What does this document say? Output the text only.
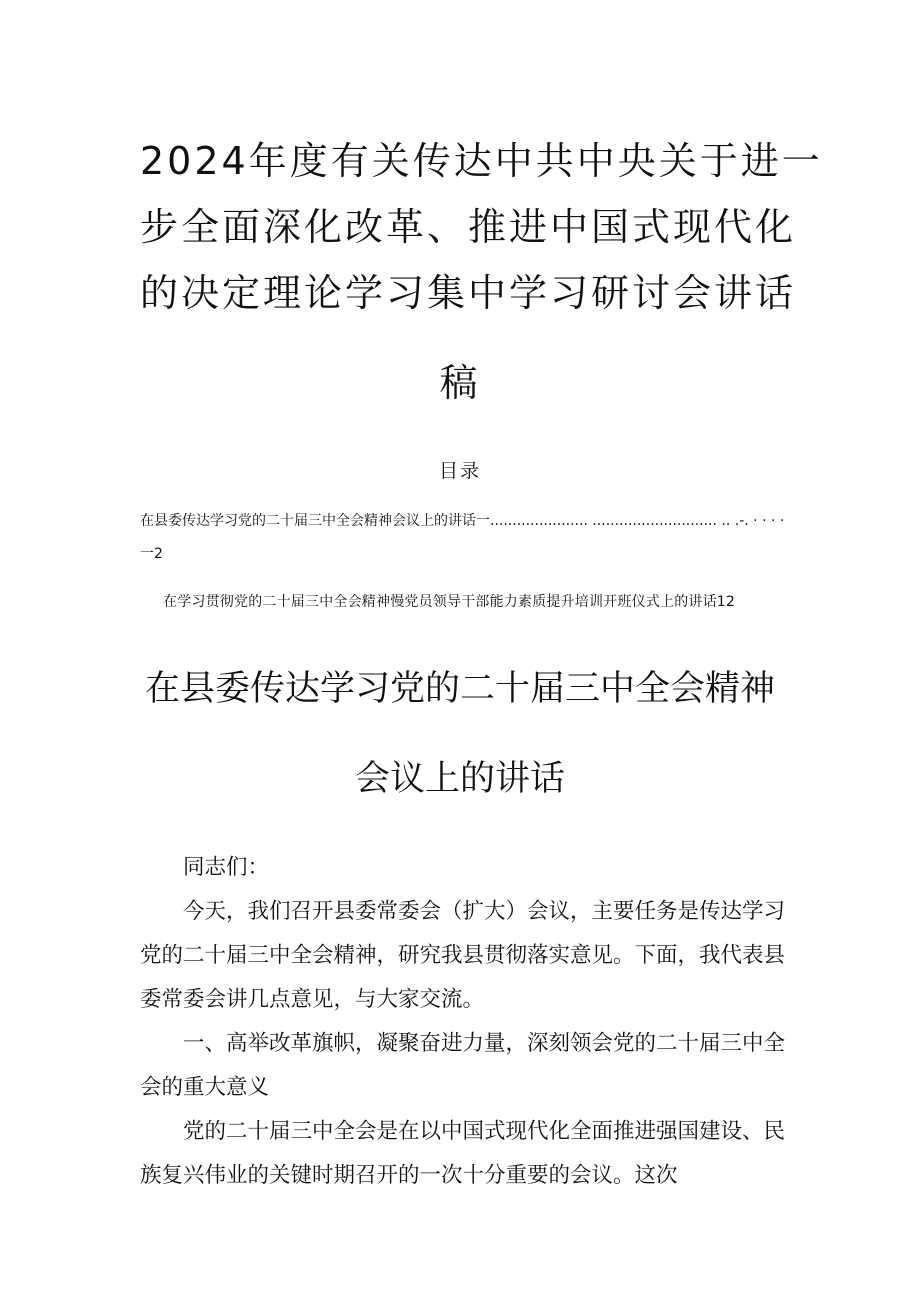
2024年度有关传达中共中央关于进一
步全面深化改革、推进中国式现代化
的决定理论学习集中学习研讨会讲话
稿
目录
在县委传达学习党的二十届三中全会精神会议上的讲话一...................... ............................ .. .-. · · · ·
一2
在学习贯彻党的二十届三中全会精神慢党员领导干部能力素质提升培训开班仪式上的讲话12
在县委传达学习党的二十届三中全会精神
会议上的讲话

同志们：

今天，我们召开县委常委会（扩大）会议，主要任务是传达学习党的二十届三中全会精神，研究我县贯彻落实意见。下面，我代表县委常委会讲几点意见，与大家交流。

一、高举改革旗帜，凝聚奋进力量，深刻领会党的二十届三中全会的重大意义

党的二十届三中全会是在以中国式现代化全面推进强国建设、民族复兴伟业的关键时期召开的一次十分重要的会议。这次
